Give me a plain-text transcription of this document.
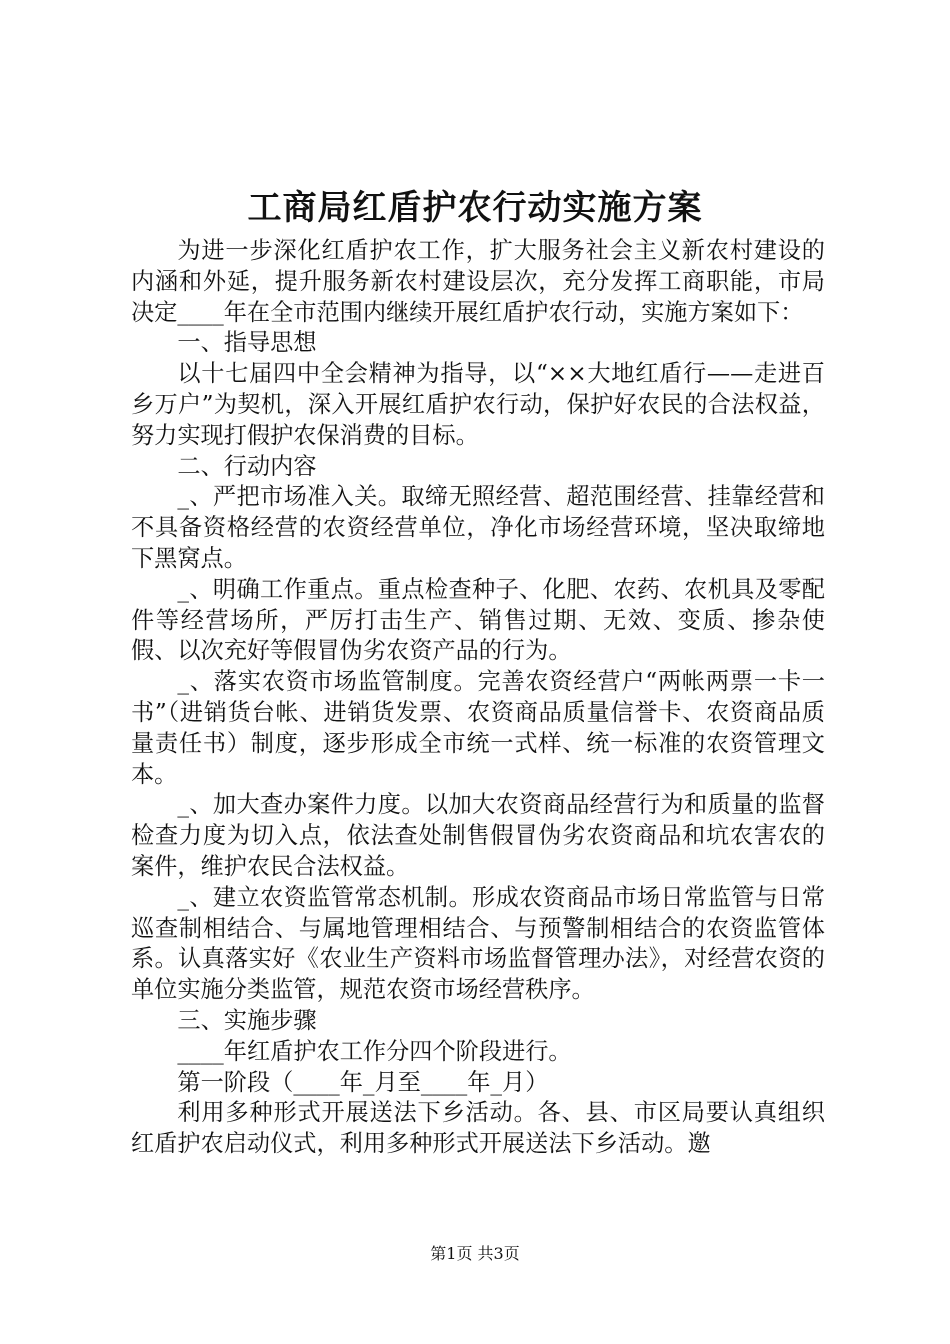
工商局红盾护农行动实施方案

为进一步深化红盾护农工作，扩大服务社会主义新农村建设的内涵和外延，提升服务新农村建设层次，充分发挥工商职能，市局决定____年在全市范围内继续开展红盾护农行动，实施方案如下：

一、指导思想

以十七届四中全会精神为指导，以“××大地红盾行——走进百乡万户”为契机，深入开展红盾护农行动，保护好农民的合法权益，努力实现打假护农保消费的目标。

二、行动内容

_、严把市场准入关。取缔无照经营、超范围经营、挂靠经营和不具备资格经营的农资经营单位，净化市场经营环境，坚决取缔地下黑窝点。

_、明确工作重点。重点检查种子、化肥、农药、农机具及零配件等经营场所，严厉打击生产、销售过期、无效、变质、掺杂使假、以次充好等假冒伪劣农资产品的行为。

_、落实农资市场监管制度。完善农资经营户“两帐两票一卡一书”（进销货台帐、进销货发票、农资商品质量信誉卡、农资商品质量责任书）制度，逐步形成全市统一式样、统一标准的农资管理文本。

_、加大查办案件力度。以加大农资商品经营行为和质量的监督检查力度为切入点，依法查处制售假冒伪劣农资商品和坑农害农的案件，维护农民合法权益。

_、建立农资监管常态机制。形成农资商品市场日常监管与日常巡查制相结合、与属地管理相结合、与预警制相结合的农资监管体系。认真落实好《农业生产资料市场监督管理办法》，对经营农资的单位实施分类监管，规范农资市场经营秩序。

三、实施步骤

____年红盾护农工作分四个阶段进行。

第一阶段（____年_月至____年_月）

利用多种形式开展送法下乡活动。各、县、市区局要认真组织红盾护农启动仪式，利用多种形式开展送法下乡活动。邀

第1页 共3页
